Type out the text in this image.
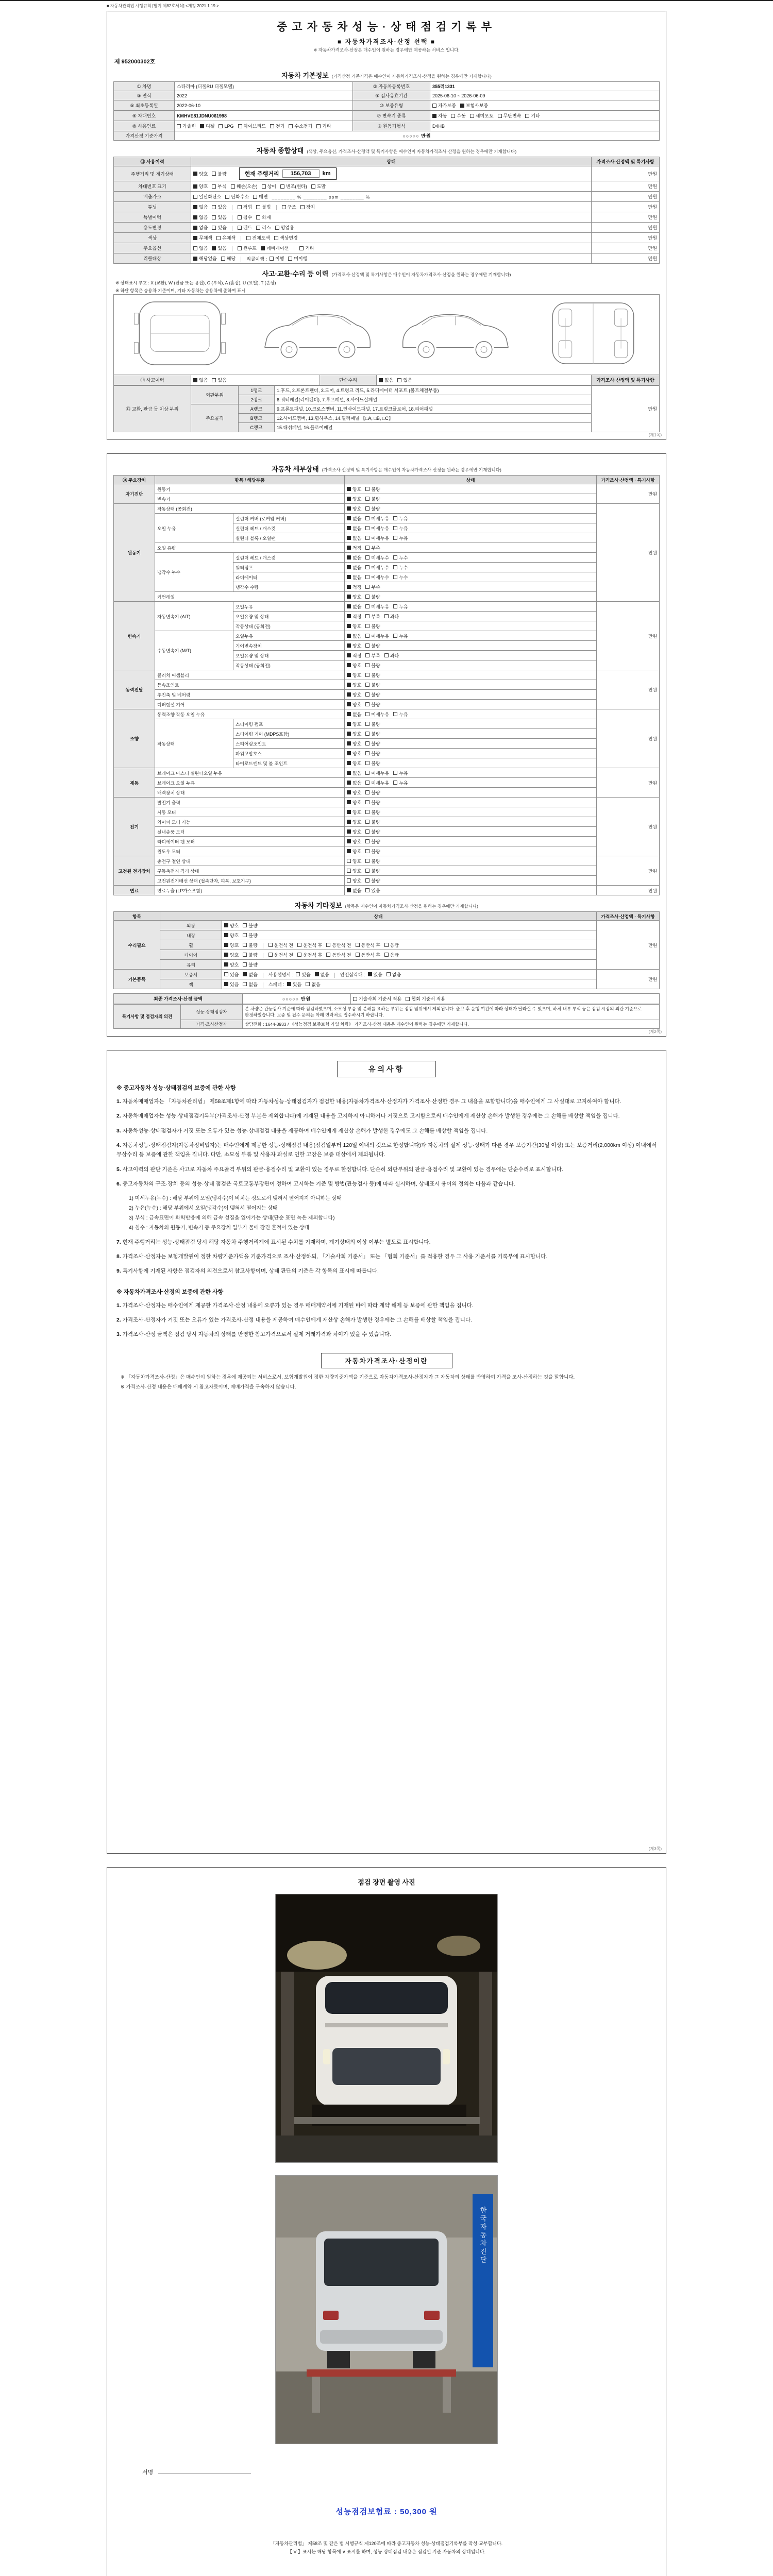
■ 자동차관리법 시행규칙 [별지 제82호서식] <개정 2021.1.19.>
중고자동차성능·상태점검기록부
■ 자동차가격조사·산정 선택 ■
※ 자동차가격조사·산정은 매수인이 원하는 경우에만 제공하는 서비스 입니다.
제 952000302호
자동차 기본정보 (가격산정 기준가격은 매수인이 자동차가격조사·산정을 원하는 경우에만 기재합니다)
① 차명	스타리아 (디젤RU 디젤모델)	② 자동차등록번호	355러1331
③ 연식	2022	④ 검사유효기간	2025-06-10 ~ 2026-06-09
⑤ 최초등록일	2022-06-10	⑩ 보증유형	자가보증 보험사보증

⑥ 차대번호	KMHVE81JDNU061998	⑦ 변속기 종류	자동 수동 세미오토 무단변속 기타

⑧ 사용연료	가솔린 디젤 LPG 하이브리드 전기 수소전기 기타	⑨ 원동기형식	D4HB
가격산정 기준가격	○○○○○ 만원		
자동차 종합상태 (색상, 주요옵션, 가격조사·산정액 및 특기사항은 매수인이 자동차가격조사·산정을 원하는 경우에만 기재합니다)
⑪ 사용이력	상태	가격조사·산정액 및 특기사항
주행거리 및 계기상태	양호 불량 현재 주행거리 156,703 km	만원
차대번호 표기	양호 부식 훼손(오손) 상이 변조(변타) 도말	만원
배출가스	일산화탄소 탄화수소 매연 ________ % ________ ppm ________ %	만원
튜닝	없음 있음	적법 불법	구조 장치	만원
특별이력	없음 있음 침수 화재	만원
용도변경	없음 있음 렌트 리스 영업용	만원
색상	무채색 유채색 전체도색 색상변경	만원
주요옵션	없음 있음 썬루프 네비게이션 기타	만원
리콜대상	해당없음 해당 리콜이행 : 이행 미이행	만원
사고·교환·수리 등 이력 (가격조사·산정액 및 특기사항은 매수인이 자동차가격조사·산정을 원하는 경우에만 기재합니다)
※ 상태표시 부호 : X (교환), W (판금 또는 용접), C (부식), A (흠집), U (요철), T (손상)
※ 하단 항목은 승용차 기준이며, 기타 자동차는 승용차에 준하여 표시
⑫ 사고이력	없음 있음	단순수리	없음 있음	가격조사·산정액 및 특기사항
⑬ 교환, 판금 등 이상 부위	외판부위	1랭크	1.후드, 2.프론트펜더, 3.도어, 4.트렁크 리드, 5.라디에이터 서포트 (볼트체결부품)	만원
		2랭크	6.쿼터패널(리어펜더), 7.루프패널, 8.사이드실패널	
	주요골격	A랭크	9.프론트패널, 10.크로스멤버, 11.인사이드패널, 17.트렁크플로어, 18.리어패널	
		B랭크	12.사이드멤버, 13.휠하우스, 14.필러패널 【□A, □B, □C】	
		C랭크	15.대쉬패널, 16.플로어패널	
(제1쪽)
자동차 세부상태 (가격조사·산정액 및 특기사항은 매수인이 자동차가격조사·산정을 원하는 경우에만 기재합니다)
⑭ 주요장치	항목 / 해당부품		상태	가격조사·산정액 · 특기사항
자기진단	원동기		양호 불량	만원
	변속기		양호 불량	

원동기	작동상태 (공회전)		양호 불량	만원
	오일 누유	실린더 커버 (로커암 커버)	없음 미세누유 누유	

		실린더 헤드 / 개스킷	없음 미세누유 누유	

		실린더 블록 / 오일팬	없음 미세누유 누유	

	오일 유량		적정 부족	

	냉각수 누수	실린더 헤드 / 개스킷	없음 미세누수 누수	

		워터펌프	없음 미세누수 누수	

		라디에이터	없음 미세누수 누수	

		냉각수 수량	적정 부족	

	커먼레일		양호 불량	

변속기	자동변속기 (A/T)	오일누유	없음 미세누유 누유	만원
		오일유량 및 상태	적정 부족 과다	

		작동상태 (공회전)	양호 불량	

	수동변속기 (M/T)	오일누유	없음 미세누유 누유	

		기어변속장치	양호 불량	

		오일유량 및 상태	적정 부족 과다	

		작동상태 (공회전)	양호 불량	

동력전달	클러치 어셈블리		양호 불량	만원
	등속조인트		양호 불량	

	추진축 및 베어링		양호 불량	

	디퍼렌셜 기어		양호 불량	

조향	동력조향 작동 오일 누유		없음 미세누유 누유	만원
	작동상태	스티어링 펌프	양호 불량	

		스티어링 기어 (MDPS포함)	양호 불량	

		스티어링조인트	양호 불량	

		파워고압호스	양호 불량	

		타이로드엔드 및 볼 조인트	양호 불량	

제동	브레이크 마스터 실린더오일 누유		없음 미세누유 누유	만원
	브레이크 오일 누유		없음 미세누유 누유	

	배력장치 상태		양호 불량	

전기	발전기 출력		양호 불량	만원
	시동 모터		양호 불량	

	와이퍼 모터 기능		양호 불량	

	실내송풍 모터		양호 불량	

	라디에이터 팬 모터		양호 불량	

	윈도우 모터		양호 불량	

고전원 전기장치	충전구 절연 상태		양호 불량	만원
	구동축전지 격리 상태		양호 불량	

	고전원전기배선 상태 (접속단자, 피복, 보호기구)		양호 불량	

연료	연료누출 (LP가스포함)		없음 있음	만원
자동차 기타정보 (항목은 매수인이 자동차가격조사·산정을 원하는 경우에만 기재합니다)
항목	상태		가격조사·산정액 · 특기사항
수리필요	외장	양호 불량	만원
	내장	양호 불량	

휠	양호 불량	운전석 전 운전석 후 동반석 전 동반석 후 응급

타이어	양호 불량	운전석 전 운전석 후 동반석 전 동반석 후 응급

	유리	양호 불량	

기본품목	보증서	있음 없음 사용설명서 : 있음 없음 안전삼각대 : 있음 없음
	만원
	잭	있음 없음 스패너 : 있음 없음	
최종 가격조사·산정 금액	○○○○○ 만원	기술사회 기준서 적용 협회 기준서 적용
특기사항 및 점검자의 의견	성능·상태점검자	본 차량은 관능검사 기준에 따라 점검하였으며, 소모성 부품 및 분해를 요하는 부위는 점검 범위에서 제외됩니다. 출고 후 운행 여건에 따라 상태가 달라질 수 있으며, 하체·내부 부식 등은 점검 시점의 외관 기준으로 판정하였습니다. 보증 및 접수 문의는 아래 연락처로 접수하시기 바랍니다.
	가격·조사산정자	상담전화 : 1644-3933 / 《성능점검 보증보험 가입 차량》 가격조사·산정 내용은 매수인이 원하는 경우에만 기재합니다.
(제2쪽)
유의사항
※ 중고자동차 성능·상태점검의 보증에 관한 사항
1. 자동차매매업자는 「자동차관리법」 제58조제1항에 따라 자동차성능·상태점검자가 점검한 내용(자동차가격조사·산정자가 가격조사·산정한 경우 그 내용을 포함합니다)을 매수인에게 그 사실대로 고지하여야 합니다.
2. 자동차매매업자는 성능·상태점검기록부(가격조사·산정 부분은 제외합니다)에 기재된 내용을 고지하지 아니하거나 거짓으로 고지함으로써 매수인에게 재산상 손해가 발생한 경우에는 그 손해를 배상할 책임을 집니다.
3. 자동차성능·상태점검자가 거짓 또는 오류가 있는 성능·상태점검 내용을 제공하여 매수인에게 재산상 손해가 발생한 경우에도 그 손해를 배상할 책임을 집니다.
4. 자동차성능·상태점검자(자동차정비업자)는 매수인에게 제공한 성능·상태점검 내용(점검일부터 120일 이내의 것으로 한정합니다)과 자동차의 실제 성능·상태가 다른 경우 보증기간(30일 이상) 또는 보증거리(2,000km 이상) 이내에서 무상수리 등 보증에 관한 책임을 집니다. 다만, 소모성 부품 및 사용자 과실로 인한 고장은 보증 대상에서 제외됩니다.
5. 사고이력의 판단 기준은 사고로 자동차 주요골격 부위의 판금·용접수리 및 교환이 있는 경우로 한정합니다. 단순히 외판부위의 판금·용접수리 및 교환이 있는 경우에는 단순수리로 표시합니다.
6. 중고자동차의 구조·장치 등의 성능·상태 점검은 국토교통부장관이 정하여 고시하는 기준 및 방법(관능검사 등)에 따라 실시하며, 상태표시 용어의 정의는 다음과 같습니다.
1) 미세누유(누수) : 해당 부위에 오일(냉각수)이 비치는 정도로서 맺혀서 떨어지지 아니하는 상태
2) 누유(누수) : 해당 부위에서 오일(냉각수)이 맺혀서 떨어지는 상태
3) 부식 : 금속표면이 화학반응에 의해 금속 성질을 잃어가는 상태(단순 표면 녹은 제외합니다)
4) 침수 : 자동차의 원동기, 변속기 등 주요장치 일부가 물에 잠긴 흔적이 있는 상태
7. 현재 주행거리는 성능·상태점검 당시 해당 자동차 주행거리계에 표시된 수치를 기재하며, 계기상태의 이상 여부는 별도로 표시합니다.
8. 가격조사·산정자는 보험개발원이 정한 차량기준가액을 기준가격으로 조사·산정하되, 「기술사회 기준서」 또는 「협회 기준서」를 적용한 경우 그 사용 기준서를 기록부에 표시합니다.
9. 특기사항에 기재된 사항은 점검자의 의견으로서 참고사항이며, 상태 판단의 기준은 각 항목의 표시에 따릅니다.
※ 자동차가격조사·산정의 보증에 관한 사항
1. 가격조사·산정자는 매수인에게 제공한 가격조사·산정 내용에 오류가 있는 경우 매매계약서에 기재된 바에 따라 계약 해제 등 보증에 관한 책임을 집니다.
2. 가격조사·산정자가 거짓 또는 오류가 있는 가격조사·산정 내용을 제공하여 매수인에게 재산상 손해가 발생한 경우에는 그 손해를 배상할 책임을 집니다.
3. 가격조사·산정 금액은 점검 당시 자동차의 상태를 반영한 참고가격으로서 실제 거래가격과 차이가 있을 수 있습니다.
자동차가격조사·산정이란
※ 「자동차가격조사·산정」은 매수인이 원하는 경우에 제공되는 서비스로서, 보험개발원이 정한 차량기준가액을 기준으로 자동차가격조사·산정자가 그 자동차의 상태를 반영하여 가격을 조사·산정하는 것을 말합니다.
※ 가격조사·산정 내용은 매매계약 시 참고자료이며, 매매가격을 구속하지 않습니다.
(제3쪽)
점검 장면 촬영 사진
한국자동차진단
서명
성능점검보험료 : 50,300 원
「자동차관리법」 제58조 및 같은 법 시행규칙 제120조에 따라 중고자동차 성능·상태점검기록부를 작성·교부합니다.
【 V 】표시는 해당 항목에 ∨ 표시를 하며, 성능·상태점검 내용은 점검일 기준 자동차의 상태입니다.
